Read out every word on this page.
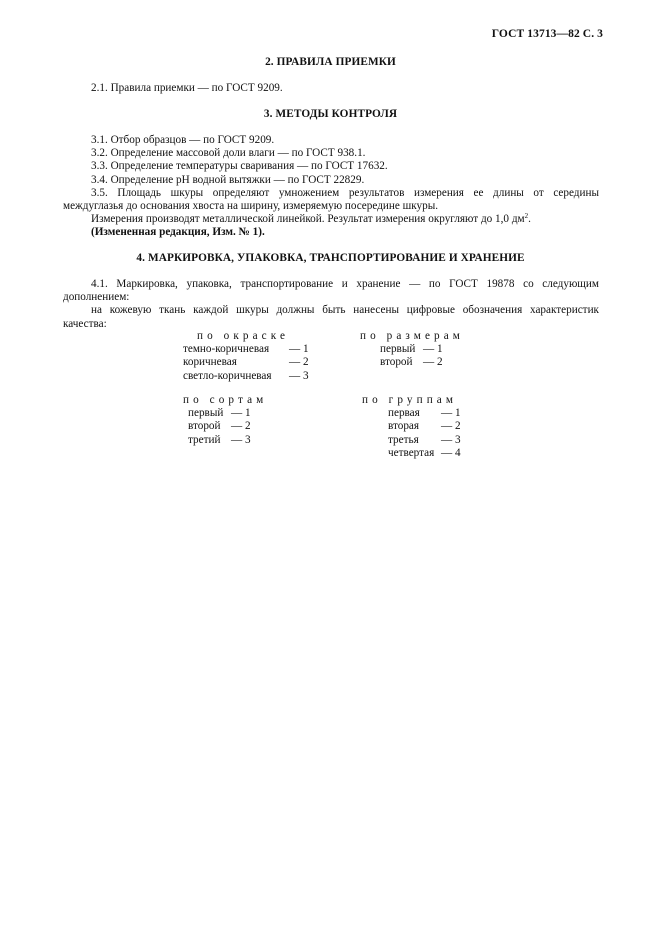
ГОСТ 13713—82 С. 3
2. ПРАВИЛА ПРИЕМКИ
2.1. Правила приемки — по ГОСТ 9209.
3. МЕТОДЫ КОНТРОЛЯ
3.1. Отбор образцов — по ГОСТ 9209.
3.2. Определение массовой доли влаги — по ГОСТ 938.1.
3.3. Определение температуры сваривания — по ГОСТ 17632.
3.4. Определение рН водной вытяжки — по ГОСТ 22829.
3.5. Площадь шкуры определяют умножением результатов измерения ее длины от середины
междуглазья до основания хвоста на ширину, измеряемую посередине шкуры.
Измерения производят металлической линейкой. Результат измерения округляют до 1,0 $дм^2$.
(Измененная редакция, Изм. № 1).
4. МАРКИРОВКА, УПАКОВКА, ТРАНСПОРТИРОВАНИЕ И ХРАНЕНИЕ
4.1. Маркировка, упаковка, транспортирование и хранение — по ГОСТ 19878 со следующим
дополнением:
на кожевую ткань каждой шкуры должны быть нанесены цифровые обозначения характеристик
качества:
по окраске
темно-коричневая — 1
коричневая	— 2
светло-коричневая — 3
по размерам
первый — 1
второй — 2
по сортам
первый — 1
второй — 2
третий — 3
по группам
первая — 1
вторая — 2
третья — 3
четвертая — 4
